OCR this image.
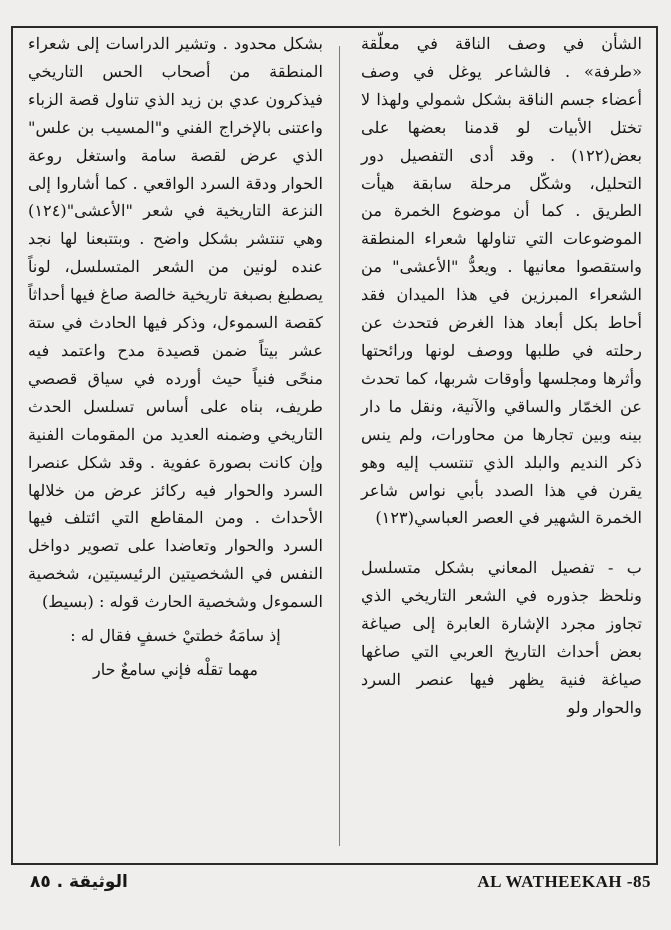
الشأن في وصف الناقة في معلّقة «طرفة» . فالشاعر يوغل في وصف أعضاء جسم الناقة بشكل شمولي ولهذا لا تختل الأبيات لو قدمنا بعضها على بعض(١٢٢) . وقد أدى التفصيل دور التحليل، وشكّل مرحلة سابقة هيأت الطريق . كما أن موضوع الخمرة من الموضوعات التي تناولها شعراء المنطقة واستقصوا معانيها . ويعدُّ "الأعشى" من الشعراء المبرزين في هذا الميدان فقد أحاط بكل أبعاد هذا الغرض فتحدث عن رحلته في طلبها ووصف لونها ورائحتها وأثرها ومجلسها وأوقات شربها، كما تحدث عن الخمّار والساقي والآنية، ونقل ما دار بينه وبين تجارها من محاورات، ولم ينس ذكر النديم والبلد الذي تنتسب إليه وهو يقرن في هذا الصدد بأبي نواس شاعر الخمرة الشهير في العصر العباسي(١٢٣)

ب - تفصيل المعاني بشكل متسلسل ونلحظ جذوره في الشعر التاريخي الذي تجاوز مجرد الإشارة العابرة إلى صياغة بعض أحداث التاريخ العربي التي صاغها صياغة فنية يظهر فيها عنصر السرد والحوار ولو

بشكل محدود . وتشير الدراسات إلى شعراء المنطقة من أصحاب الحس التاريخي فيذكرون عدي بن زيد الذي تناول قصة الزباء واعتنى بالإخراج الفني و"المسيب بن علس" الذي عرض لقصة سامة واستغل روعة الحوار ودقة السرد الواقعي . كما أشاروا إلى النزعة التاريخية في شعر "الأعشى"(١٢٤) وهي تنتشر بشكل واضح . وبتتبعنا لها نجد عنده لونين من الشعر المتسلسل، لوناً يصطبغ بصبغة تاريخية خالصة صاغ فيها أحداثاً كقصة السموءل، وذكر فيها الحادث في ستة عشر بيتاً ضمن قصيدة مدح واعتمد فيه منحًى فنياً حيث أورده في سياق قصصي طريف، بناه على أساس تسلسل الحدث التاريخي وضمنه العديد من المقومات الفنية وإن كانت بصورة عفوية . وقد شكل عنصرا السرد والحوار فيه ركائز عرض من خلالها الأحداث . ومن المقاطع التي ائتلف فيها السرد والحوار وتعاضدا على تصوير دواخل النفس في الشخصيتين الرئيسيتين، شخصية السموءل وشخصية الحارث قوله : (بسيط)

إذ سامَهُ خطتيْ خسفٍ فقال له :

مهما تقلْه فإني سامعٌ حار

الوثيقة . ٨٥	AL WATHEEKAH -85
